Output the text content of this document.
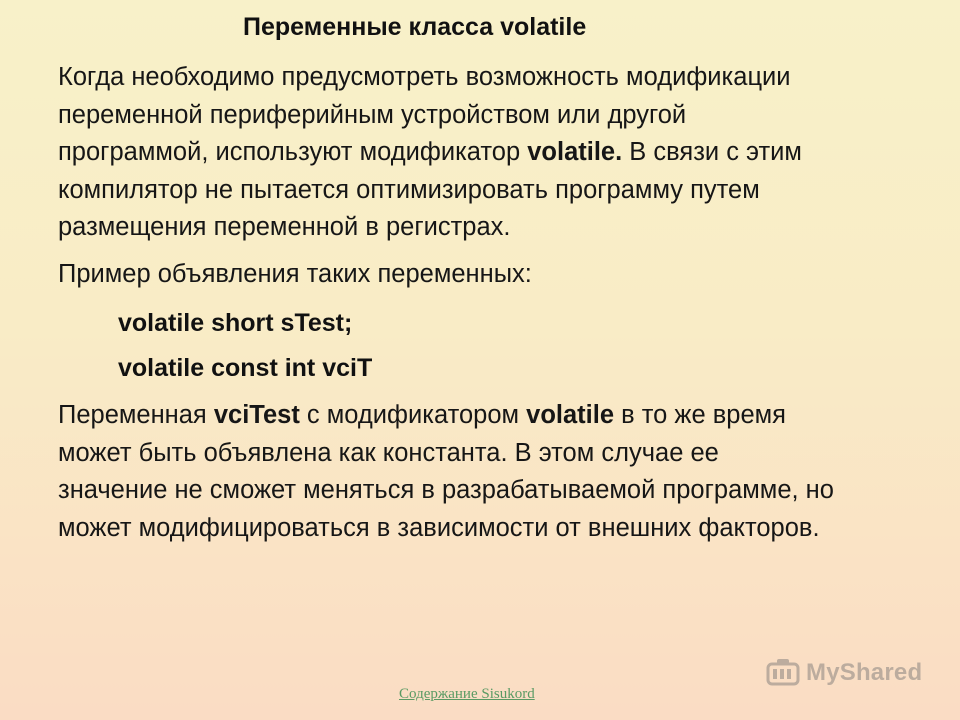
Переменные класса volatile

Когда необходимо предусмотреть возможность модификации
переменной периферийным устройством или другой
программой, используют модификатор volatile. В связи с этим
компилятор не пытается оптимизировать программу путем
размещения переменной в регистрах.

Пример объявления таких переменных:

volatile short sTest;

volatile const int vciT

Переменная vciTest с модификатором volatile в то же время
может быть объявлена как константа. В этом случае ее
значение не сможет меняться в разрабатываемой программе, но
может модифицироваться в зависимости от внешних факторов.

Содержание Sisukord
MyShared
